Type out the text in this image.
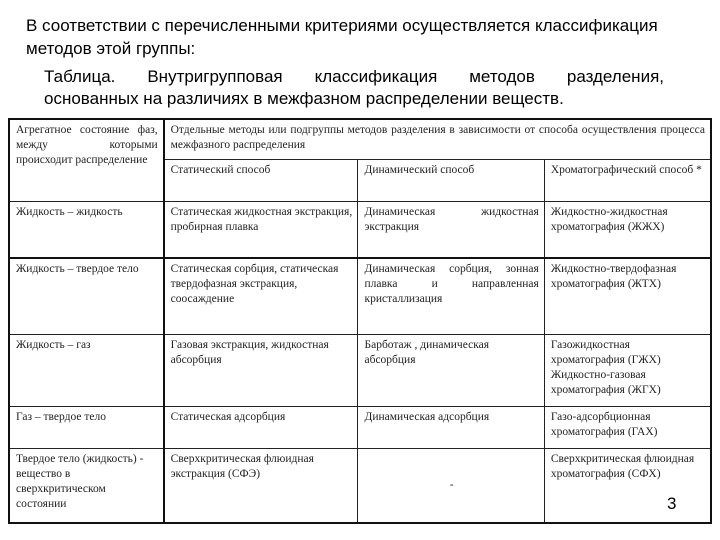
В соответствии с перечисленными критериями осуществляется классификация методов этой группы:
Таблица. Внутригрупповая классификация методов разделения,
основанных на различиях в межфазном распределении веществ.
Агрегатное состояние фаз, между которыми происходит распределение	Отдельные методы или подгруппы методов разделения в зависимости от способа осуществления процесса межфазного распределения		
	Статический способ	Динамический способ	Хроматографический способ *
Жидкость – жидкость	Статическая жидкостная экстракция, пробирная плавка	Динамическая жидкостная экстракция	Жидкостно-жидкостная хроматография (ЖЖХ)
Жидкость – твердое тело	Статическая сорбция, статическая твердофазная экстракция, соосаждение	Динамическая сорбция, зонная плавка и направленная кристаллизация	Жидкостно-твердофазная хроматография (ЖТХ)
Жидкость – газ	Газовая экстракция, жидкостная абсорбция	Барботаж , динамическая абсорбция	Газожидкостная хроматография (ГЖХ) Жидкостно-газовая хроматография (ЖГХ)
Газ – твердое тело	Статическая адсорбция	Динамическая адсорбция	Газо-адсорбционная хроматография (ГАХ)
Твердое тело (жидкость) - вещество в сверхкритическом состоянии	Сверхкритическая флюидная экстракция (СФЭ)	-	Сверхкритическая флюидная хроматография (СФХ)
3
